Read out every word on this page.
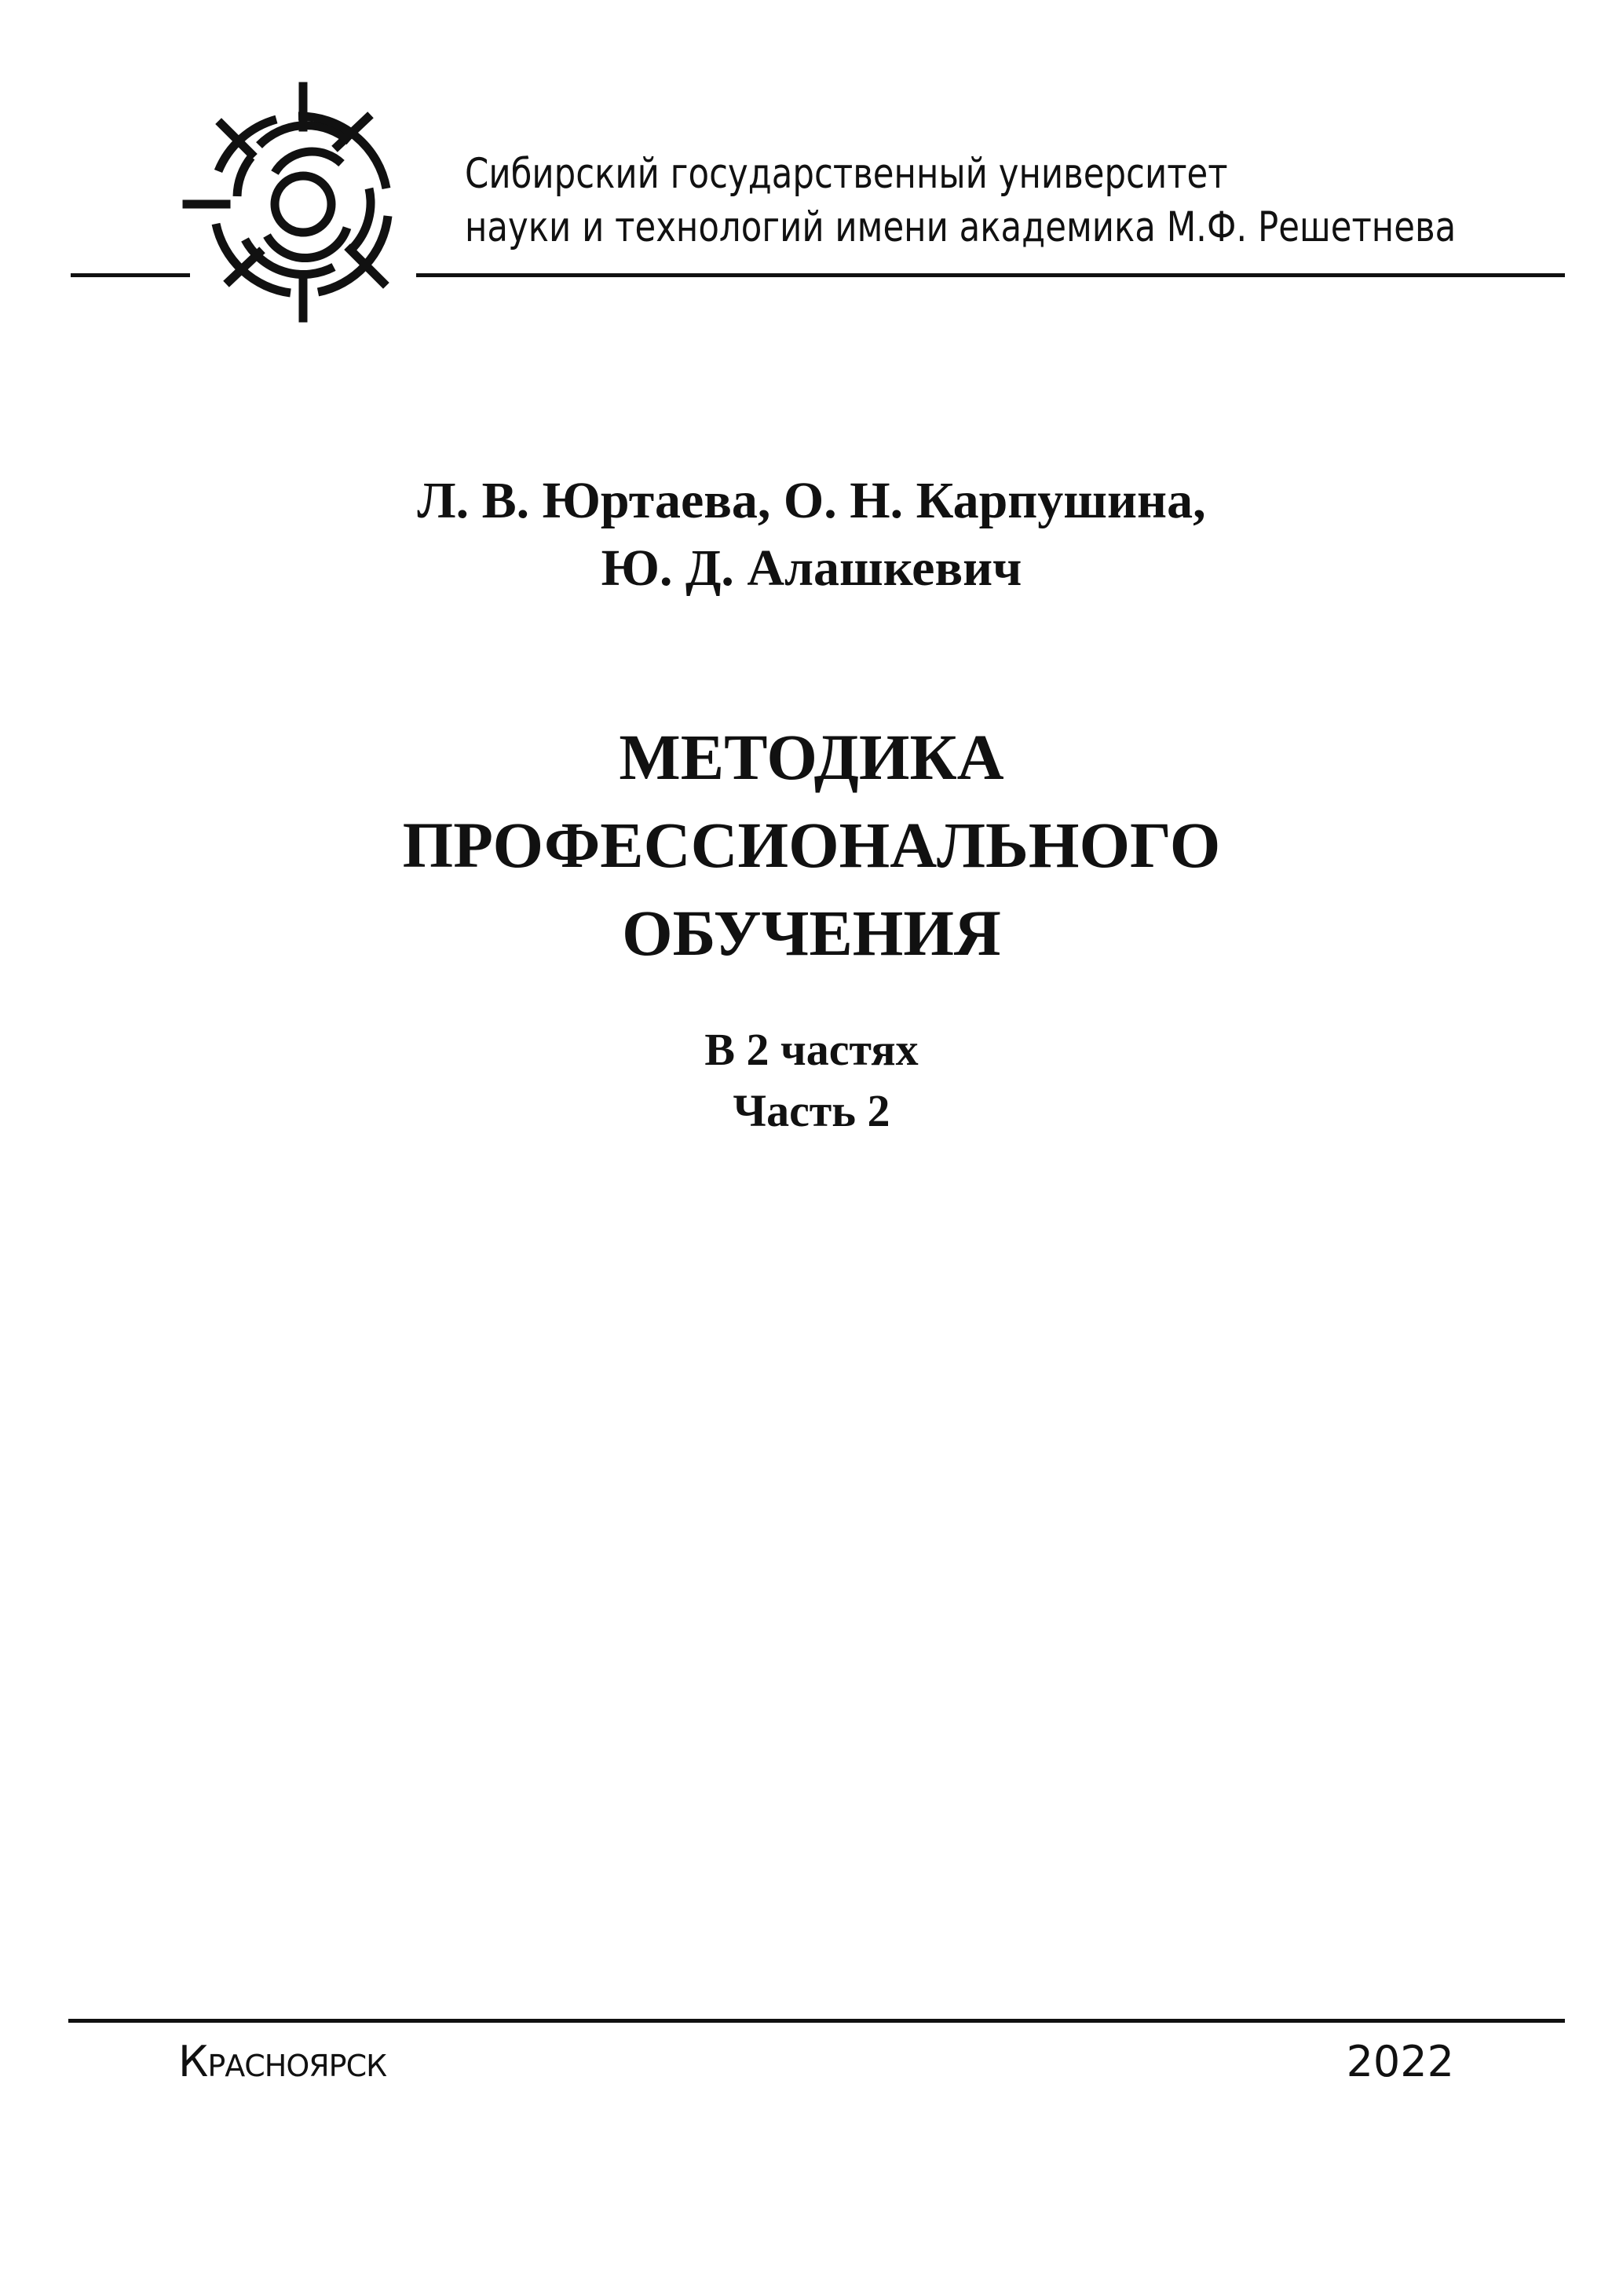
Сибирский государственный университет
науки и технологий имени академика М.Ф. Решетнева
Л. В. Юртаева, О. Н. Карпушина,
Ю. Д. Алашкевич
МЕТОДИКА
ПРОФЕССИОНАЛЬНОГО
ОБУЧЕНИЯ
В 2 частях
Часть 2
Красноярск	2022
